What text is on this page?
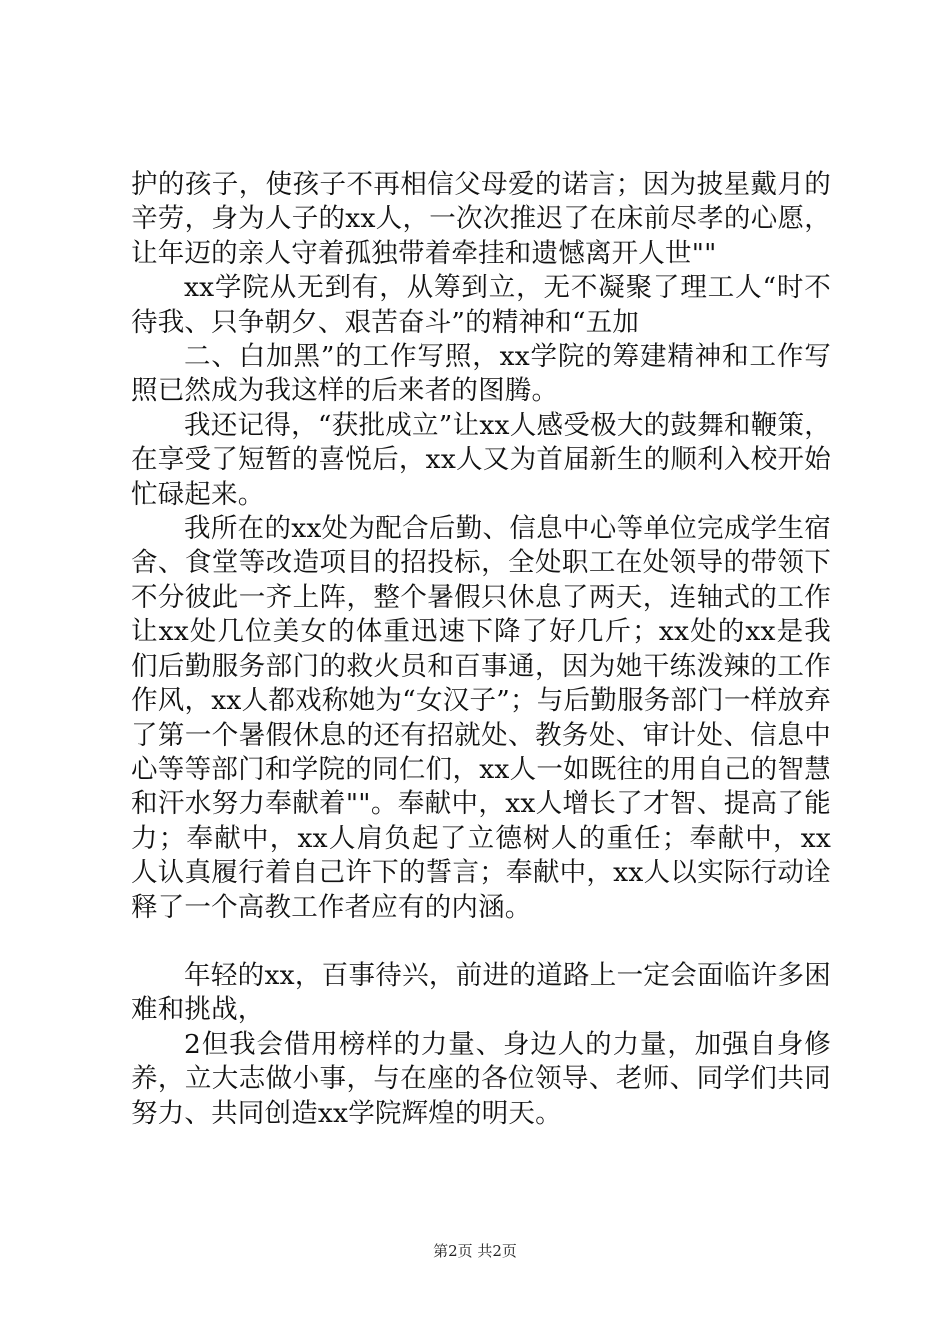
护的孩子，使孩子不再相信父母爱的诺言；因为披星戴月的辛劳，身为人子的xx人，一次次推迟了在床前尽孝的心愿，让年迈的亲人守着孤独带着牵挂和遗憾离开人世""

xx学院从无到有，从筹到立，无不凝聚了理工人“时不待我、只争朝夕、艰苦奋斗”的精神和“五加

二、白加黑”的工作写照，xx学院的筹建精神和工作写照已然成为我这样的后来者的图腾。

我还记得，“获批成立”让xx人感受极大的鼓舞和鞭策，在享受了短暂的喜悦后，xx人又为首届新生的顺利入校开始忙碌起来。

我所在的xx处为配合后勤、信息中心等单位完成学生宿舍、食堂等改造项目的招投标，全处职工在处领导的带领下不分彼此一齐上阵，整个暑假只休息了两天，连轴式的工作让xx处几位美女的体重迅速下降了好几斤；xx处的xx是我们后勤服务部门的救火员和百事通，因为她干练泼辣的工作作风，xx人都戏称她为“女汉子”；与后勤服务部门一样放弃了第一个暑假休息的还有招就处、教务处、审计处、信息中心等等部门和学院的同仁们，xx人一如既往的用自己的智慧和汗水努力奉献着""。奉献中，xx人增长了才智、提高了能力；奉献中，xx人肩负起了立德树人的重任；奉献中，xx人认真履行着自己许下的誓言；奉献中，xx人以实际行动诠释了一个高教工作者应有的内涵。

年轻的xx，百事待兴，前进的道路上一定会面临许多困难和挑战，

2但我会借用榜样的力量、身边人的力量，加强自身修养，立大志做小事，与在座的各位领导、老师、同学们共同努力、共同创造xx学院辉煌的明天。

第2页 共2页
